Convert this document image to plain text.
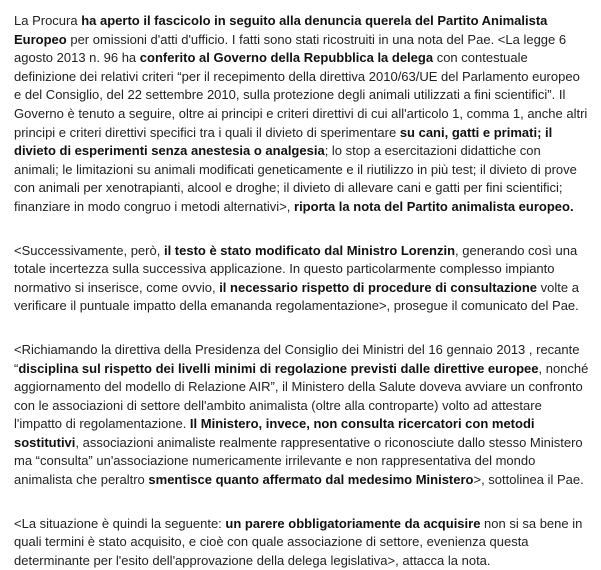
La Procura ha aperto il fascicolo in seguito alla denuncia querela del Partito Animalista Europeo per omissioni d'atti d'ufficio. I fatti sono stati ricostruiti in una nota del Pae. <La legge 6 agosto 2013 n. 96 ha conferito al Governo della Repubblica la delega con contestuale definizione dei relativi criteri “per il recepimento della direttiva 2010/63/UE del Parlamento europeo e del Consiglio, del 22 settembre 2010, sulla protezione degli animali utilizzati a fini scientifici”. Il Governo è tenuto a seguire, oltre ai principi e criteri direttivi di cui all'articolo 1, comma 1, anche altri principi e criteri direttivi specifici tra i quali il divieto di sperimentare su cani, gatti e primati; il divieto di esperimenti senza anestesia o analgesia; lo stop a esercitazioni didattiche con animali; le limitazioni su animali modificati geneticamente e il riutilizzo in più test; il divieto di prove con animali per xenotrapianti, alcool e droghe; il divieto di allevare cani e gatti per fini scientifici; finanziare in modo congruo i metodi alternativi>, riporta la nota del Partito animalista europeo.

<Successivamente, però, il testo è stato modificato dal Ministro Lorenzin, generando così una totale incertezza sulla successiva applicazione. In questo particolarmente complesso impianto normativo si inserisce, come ovvio, il necessario rispetto di procedure di consultazione volte a verificare il puntuale impatto della emananda regolamentazione>, prosegue il comunicato del Pae.

<Richiamando la direttiva della Presidenza del Consiglio dei Ministri del 16 gennaio 2013 , recante “disciplina sul rispetto dei livelli minimi di regolazione previsti dalle direttive europee, nonché aggiornamento del modello di Relazione AIR”, il Ministero della Salute doveva avviare un confronto con le associazioni di settore dell'ambito animalista (oltre alla controparte) volto ad attestare l'impatto di regolamentazione. Il Ministero, invece, non consulta ricercatori con metodi sostitutivi, associazioni animaliste realmente rappresentative o riconosciute dallo stesso Ministero ma “consulta” un'associazione numericamente irrilevante e non rappresentativa del mondo animalista che peraltro smentisce quanto affermato dal medesimo Ministero>, sottolinea il Pae.

<La situazione è quindi la seguente: un parere obbligatoriamente da acquisire non si sa bene in quali termini è stato acquisito, e cioè con quale associazione di settore, evenienza questa determinante per l'esito dell'approvazione della delega legislativa>, attacca la nota.
